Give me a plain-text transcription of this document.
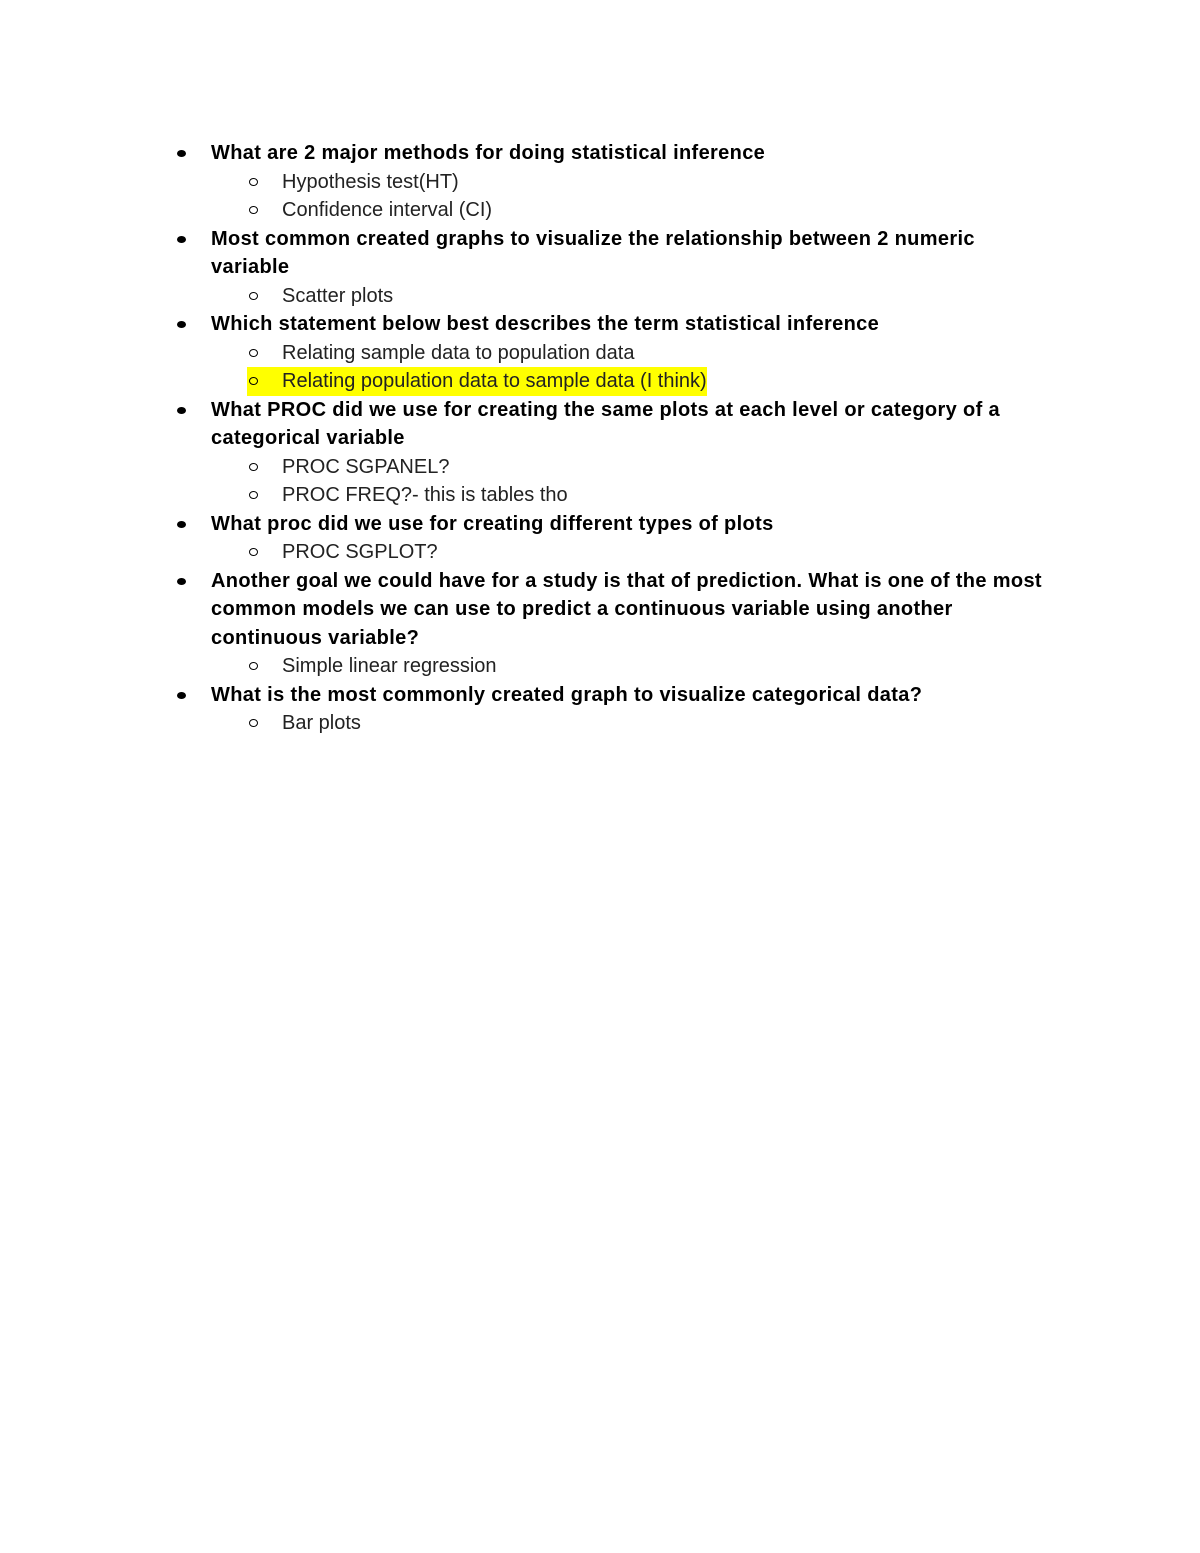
What are 2 major methods for doing statistical inference
Hypothesis test(HT)
Confidence interval (CI)
Most common created graphs to visualize the relationship between 2 numeric variable
Scatter plots
Which statement below best describes the term statistical inference
Relating sample data to population data
Relating population data to sample data (I think)
What PROC did we use for creating the same plots at each level or category of a categorical variable
PROC SGPANEL?
PROC FREQ?- this is tables tho
What proc did we use for creating different types of plots
PROC SGPLOT?
Another goal we could have for a study is that of prediction. What is one of the most common models we can use to predict a continuous variable using another continuous variable?
Simple linear regression
What is the most commonly created graph to visualize categorical data?
Bar plots
